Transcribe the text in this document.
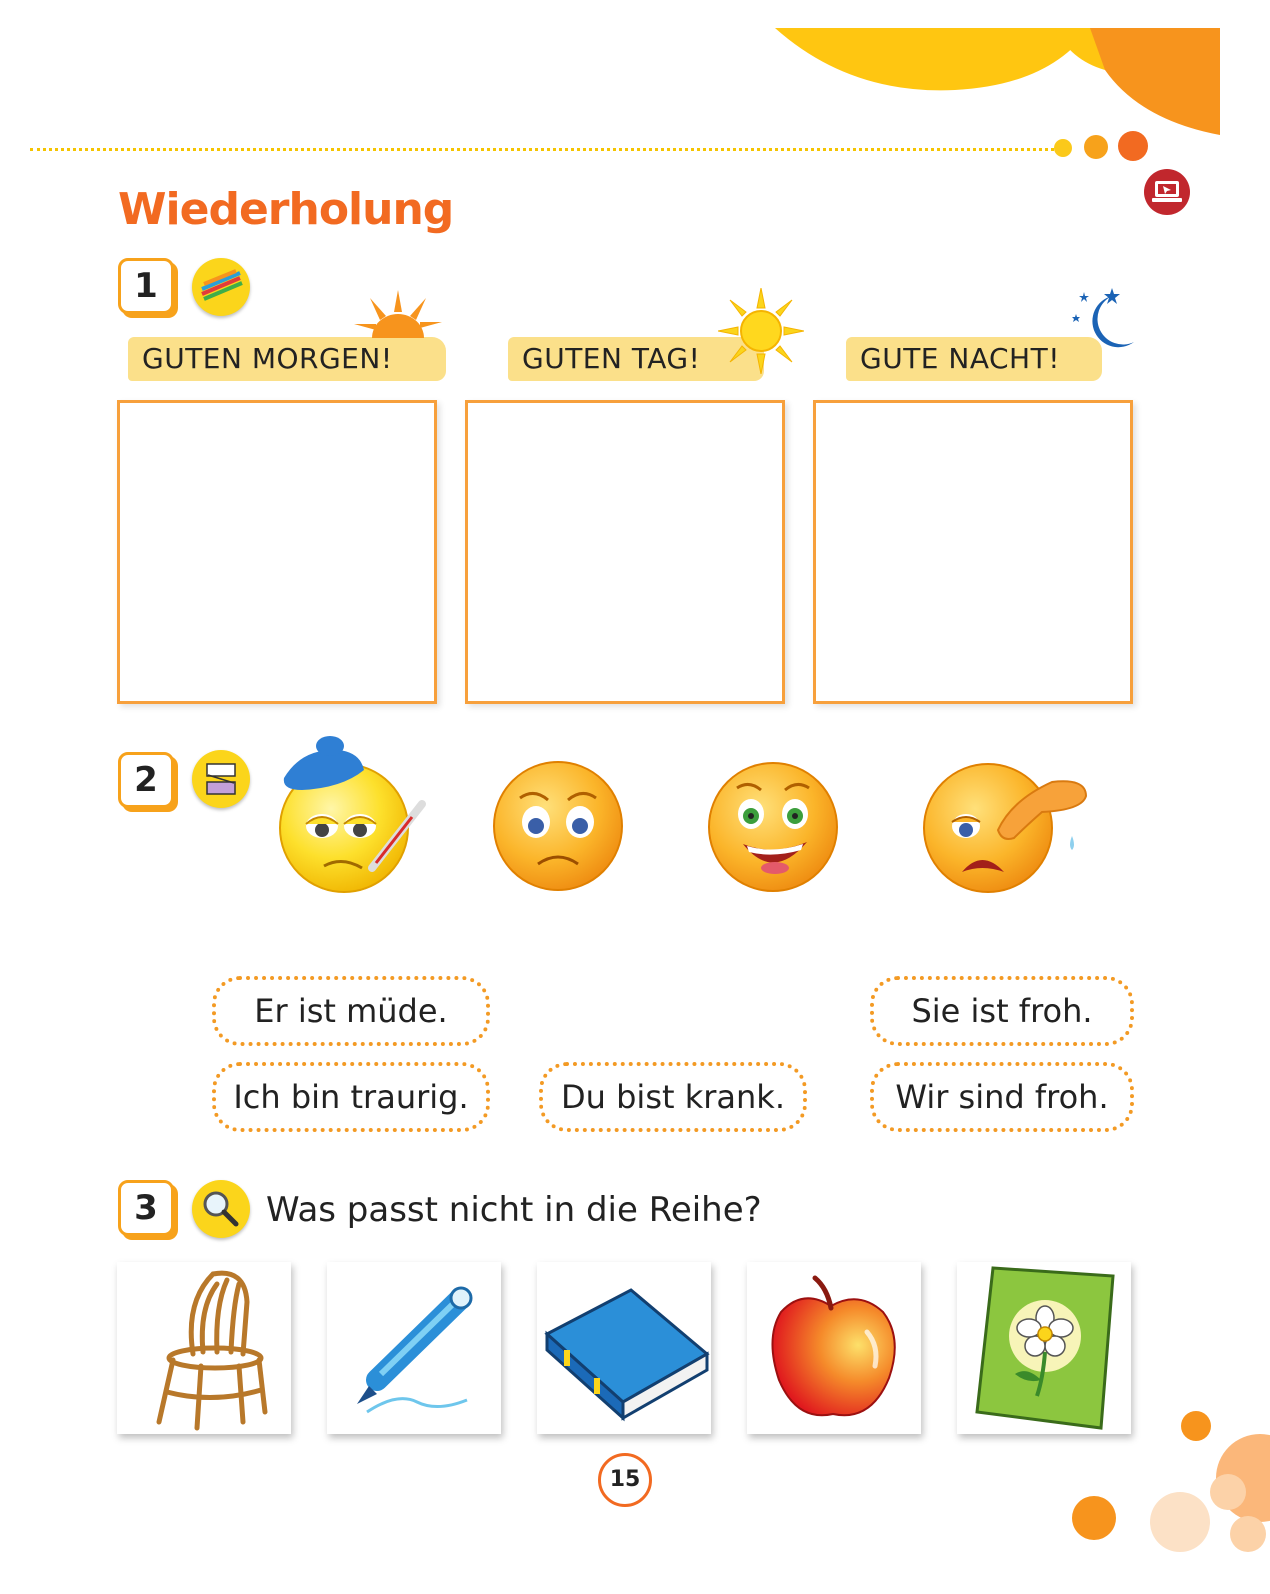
Wiederholung
1
GUTEN MORGEN!	GUTEN TAG!	GUTE NACHT!
2
Er ist müde.	Sie ist froh.
Ich bin traurig.	Du bist krank.	Wir sind froh.
3	Was passt nicht in die Reihe?
15
